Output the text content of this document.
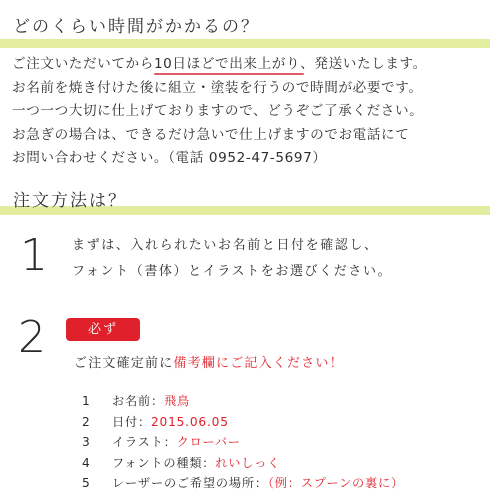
どのくらい時間がかかるの？
ご注文いただいてから10日ほどで出来上がり、発送いたします。
お名前を焼き付けた後に組立・塗装を行うので時間が必要です。
一つ一つ大切に仕上げておりますので、どうぞご了承ください。
お急ぎの場合は、できるだけ急いで仕上げますのでお電話にて
お問い合わせください。（電話 0952-47-5697）
注文方法は？
1 まずは、入れられたいお名前と日付を確認し、
フォント（書体）とイラストをお選びください。
2	必ず
ご注文確定前に備考欄にご記入ください！
1 お名前：飛鳥
2 日付：2015.06.05
3 イラスト：クローバー
4 フォントの種類：れいしっく
5 レーザーのご希望の場所：（例：スプーンの裏に）
